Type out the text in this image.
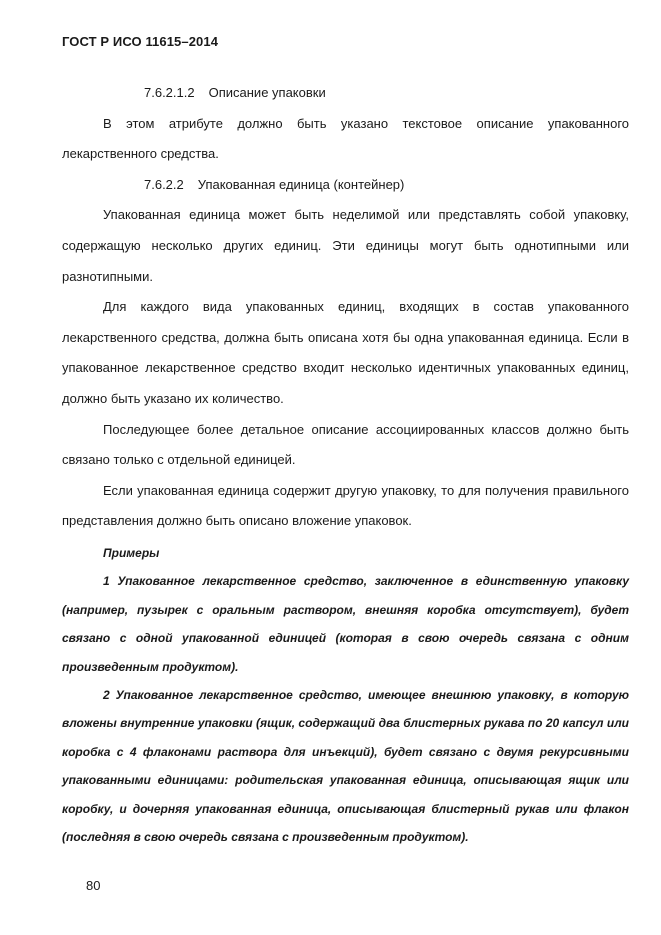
ГОСТ Р ИСО 11615–2014

7.6.2.1.2 Описание упаковки

В этом атрибуте должно быть указано текстовое описание упакованного лекарственного средства.

7.6.2.2 Упакованная единица (контейнер)

Упакованная единица может быть неделимой или представлять собой упаковку, содержащую несколько других единиц. Эти единицы могут быть однотипными или разнотипными.

Для каждого вида упакованных единиц, входящих в состав упакованного лекарственного средства, должна быть описана хотя бы одна упакованная единица. Если в упакованное лекарственное средство входит несколько идентичных упакованных единиц, должно быть указано их количество.

Последующее более детальное описание ассоциированных классов должно быть связано только с отдельной единицей.

Если упакованная единица содержит другую упаковку, то для получения правильного представления должно быть описано вложение упаковок.

Примеры

1 Упакованное лекарственное средство, заключенное в единственную упаковку (например, пузырек с оральным раствором, внешняя коробка отсутствует), будет связано с одной упакованной единицей (которая в свою очередь связана с одним произведенным продуктом).

2 Упакованное лекарственное средство, имеющее внешнюю упаковку, в которую вложены внутренние упаковки (ящик, содержащий два блистерных рукава по 20 капсул или коробка с 4 флаконами раствора для инъекций), будет связано с двумя рекурсивными упакованными единицами: родительская упакованная единица, описывающая ящик или коробку, и дочерняя упакованная единица, описывающая блистерный рукав или флакон (последняя в свою очередь связана с произведенным продуктом).

80
